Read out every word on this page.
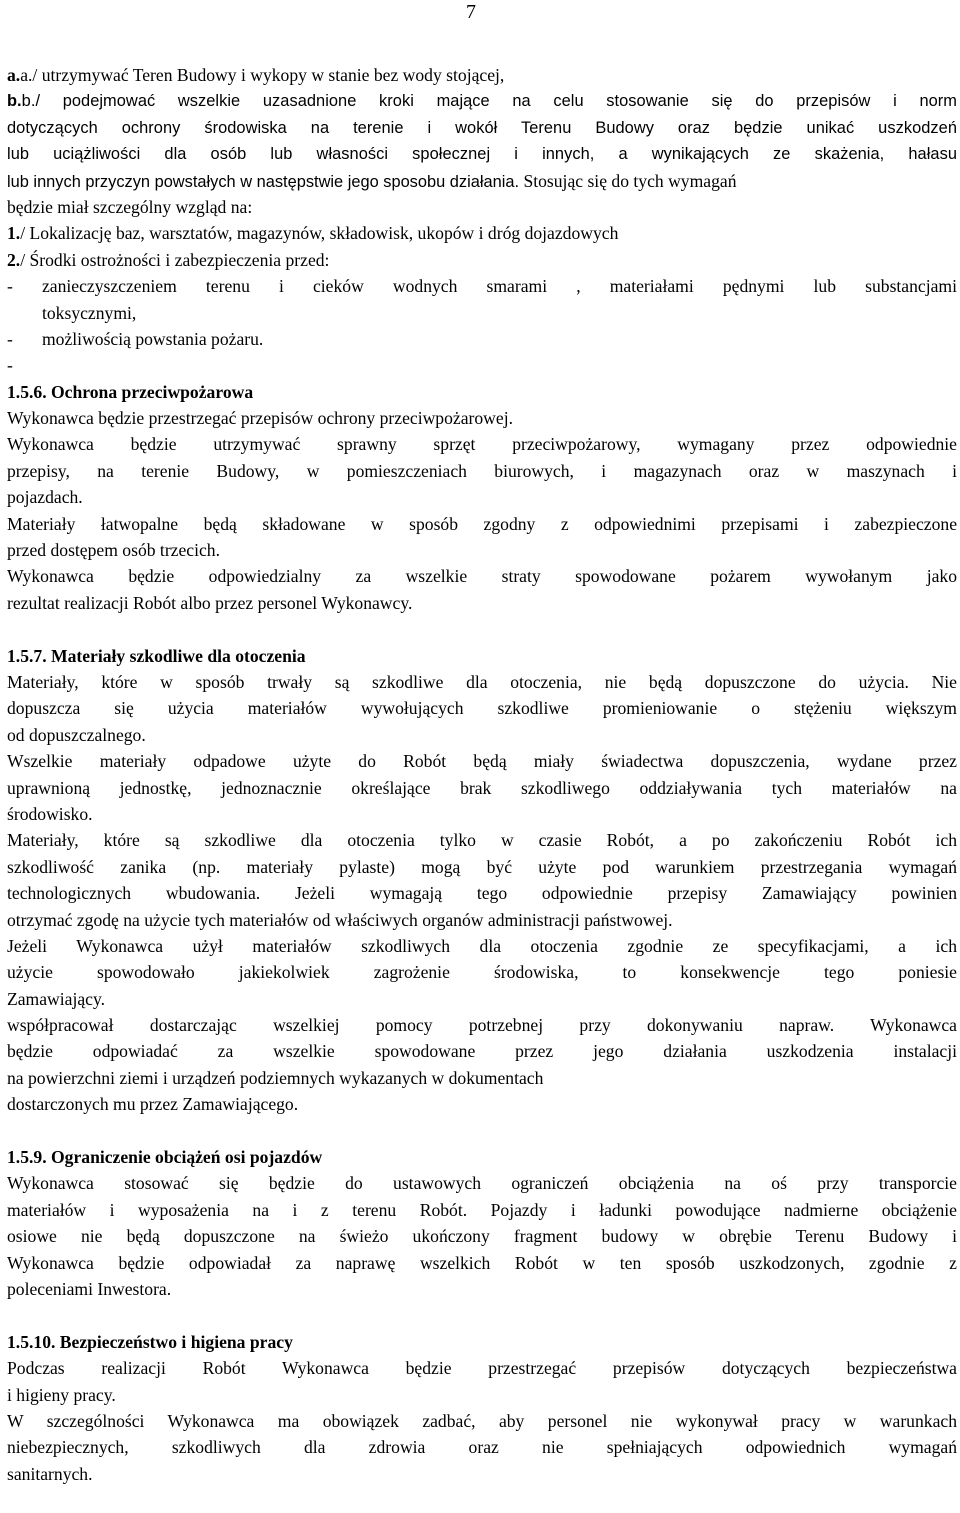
7
a.a./ utrzymywać Teren Budowy i wykopy w stanie bez wody stojącej,
b.b./ podejmować wszelkie uzasadnione kroki mające na celu stosowanie się do przepisów i norm
dotyczących ochrony środowiska na terenie i wokół Terenu Budowy oraz będzie unikać uszkodzeń
lub uciążliwości dla osób lub własności społecznej i innych, a wynikających ze skażenia, hałasu
lub innych przyczyn powstałych w następstwie jego sposobu działania. Stosując się do tych wymagań
będzie miał szczególny wzgląd na:
1./ Lokalizację baz, warsztatów, magazynów, składowisk, ukopów i dróg dojazdowych
2./ Środki ostrożności i zabezpieczenia przed:
-	zanieczyszczeniem terenu i cieków wodnych smarami , materiałami pędnymi lub substancjami
toksycznymi,
-	możliwością powstania pożaru.
-
1.5.6. Ochrona przeciwpożarowa
Wykonawca będzie przestrzegać przepisów ochrony przeciwpożarowej.
Wykonawca będzie utrzymywać sprawny sprzęt przeciwpożarowy, wymagany przez odpowiednie
przepisy, na terenie Budowy, w pomieszczeniach biurowych, i magazynach oraz w maszynach i
pojazdach.
Materiały łatwopalne będą składowane w sposób zgodny z odpowiednimi przepisami i zabezpieczone
przed dostępem osób trzecich.
Wykonawca będzie odpowiedzialny za wszelkie straty spowodowane pożarem wywołanym jako
rezultat realizacji Robót albo przez personel Wykonawcy.
1.5.7. Materiały szkodliwe dla otoczenia
Materiały, które w sposób trwały są szkodliwe dla otoczenia, nie będą dopuszczone do użycia. Nie
dopuszcza się użycia materiałów wywołujących szkodliwe promieniowanie o stężeniu większym
od dopuszczalnego.
Wszelkie materiały odpadowe użyte do Robót będą miały świadectwa dopuszczenia, wydane przez
uprawnioną jednostkę, jednoznacznie określające brak szkodliwego oddziaływania tych materiałów na
środowisko.
Materiały, które są szkodliwe dla otoczenia tylko w czasie Robót, a po zakończeniu Robót ich
szkodliwość zanika (np. materiały pylaste) mogą być użyte pod warunkiem przestrzegania wymagań
technologicznych wbudowania. Jeżeli wymagają tego odpowiednie przepisy Zamawiający powinien
otrzymać zgodę na użycie tych materiałów od właściwych organów administracji państwowej.
Jeżeli Wykonawca użył materiałów szkodliwych dla otoczenia zgodnie ze specyfikacjami, a ich
użycie spowodowało jakiekolwiek zagrożenie środowiska, to konsekwencje tego poniesie
Zamawiający.
współpracował dostarczając wszelkiej pomocy potrzebnej przy dokonywaniu napraw. Wykonawca
będzie odpowiadać za wszelkie spowodowane przez jego działania uszkodzenia instalacji
na powierzchni ziemi i urządzeń podziemnych wykazanych w dokumentach
dostarczonych mu przez Zamawiającego.
1.5.9. Ograniczenie obciążeń osi pojazdów
Wykonawca stosować się będzie do ustawowych ograniczeń obciążenia na oś przy transporcie
materiałów i wyposażenia na i z terenu Robót. Pojazdy i ładunki powodujące nadmierne obciążenie
osiowe nie będą dopuszczone na świeżo ukończony fragment budowy w obrębie Terenu Budowy i
Wykonawca będzie odpowiadał za naprawę wszelkich Robót w ten sposób uszkodzonych, zgodnie z
poleceniami Inwestora.
1.5.10. Bezpieczeństwo i higiena pracy
Podczas realizacji Robót Wykonawca będzie przestrzegać przepisów dotyczących bezpieczeństwa
i higieny pracy.
W szczególności Wykonawca ma obowiązek zadbać, aby personel nie wykonywał pracy w warunkach
niebezpiecznych, szkodliwych dla zdrowia oraz nie spełniających odpowiednich wymagań
sanitarnych.
